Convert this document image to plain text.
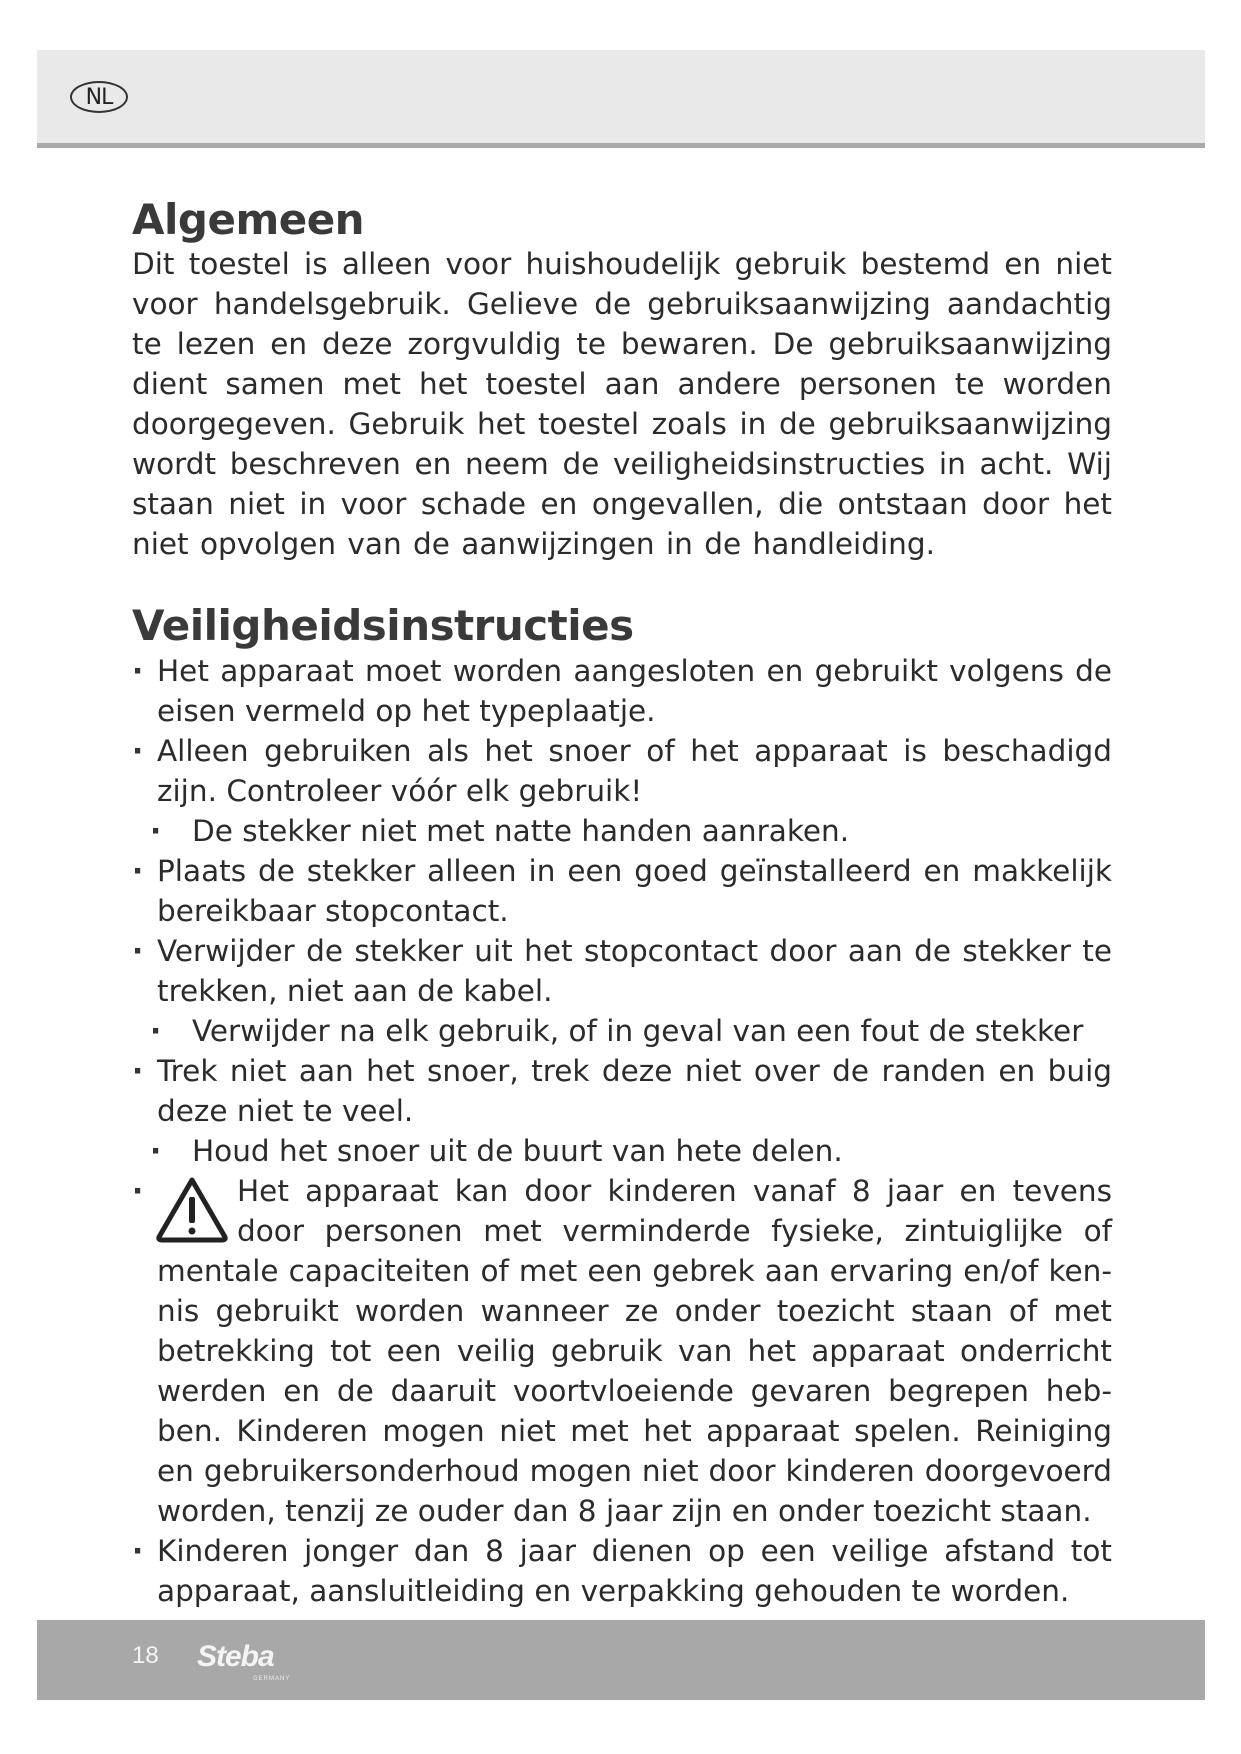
NL
Algemeen

Dit toestel is alleen voor huishoudelijk gebruik bestemd en niet voor handelsgebruik. Gelieve de gebruiksaanwijzing aandachtig te lezen en deze zorgvuldig te bewaren. De gebruiksaanwijzing dient samen met het toestel aan andere personen te worden doorgegeven. Gebruik het toestel zoals in de gebruiksaanwijzing wordt beschreven en neem de veiligheidsinstructies in acht. Wij staan niet in voor schade en ongevallen, die ontstaan door het niet opvolgen van de aanwijzingen in de handleiding.

Veiligheidsinstructies
· Het apparaat moet worden aangesloten en gebruikt volgens de eisen vermeld op het typeplaatje.
· Alleen gebruiken als het snoer of het apparaat is beschadigd zijn. Controleer vóór elk gebruik!
· De stekker niet met natte handen aanraken.
· Plaats de stekker alleen in een goed geïnstalleerd en makkelijk bereikbaar stopcontact.
· Verwijder de stekker uit het stopcontact door aan de stekker te trekken, niet aan de kabel.
· Verwijder na elk gebruik, of in geval van een fout de stekker
· Trek niet aan het snoer, trek deze niet over de randen en buig deze niet te veel.
· Houd het snoer uit de buurt van hete delen.
· Het apparaat kan door kinderen vanaf 8 jaar en tevens door personen met verminderde fysieke, zintuiglijke of mentale capaciteiten of met een gebrek aan ervaring en/of ken-nis gebruikt worden wanneer ze onder toezicht staan of met betrekking tot een veilig gebruik van het apparaat onderricht werden en de daaruit voortvloeiende gevaren begrepen heb-ben. Kinderen mogen niet met het apparaat spelen. Reiniging en gebruikersonderhoud mogen niet door kinderen doorgevoerd worden, tenzij ze ouder dan 8 jaar zijn en onder toezicht staan.
· Kinderen jonger dan 8 jaar dienen op een veilige afstand tot apparaat, aansluitleiding en verpakking gehouden te worden.
18 Steba
GERMANY
